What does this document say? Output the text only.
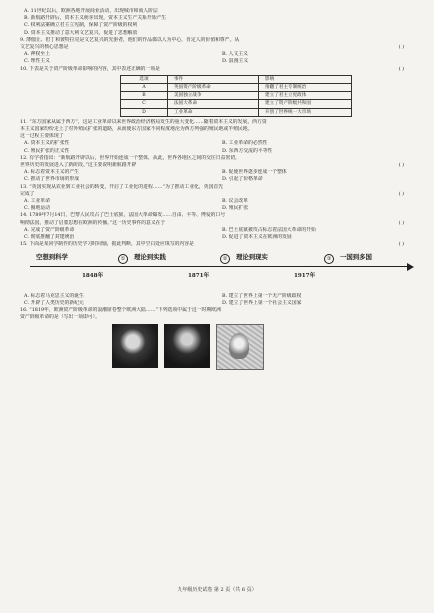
A. 11世纪以后，欧洲各地开展商业活动，出现城市和商人阶层
B. 新航路开辟后，资本主义萌芽出现，资本主义生产关系开始产生
C. 权利法案确立君主立宪制，保障了资产阶级的权利
D. 资本主义推动了意大利文艺复兴，促进了思想解放
9. 薄伽丘、但丁和彼特拉克是文艺复兴的先驱者，他们的作品都以人为中心，肯定人的价值和尊严。从
文艺复兴的核心思想是	( )
A. 神权至上	B. 人文主义
C. 理性主义	D. 浪漫主义
10. 下表是关于资产阶级革命影响的内容，其中表述正确的一项是	( )
选项	事件	影响
A	英国资产阶级革命	推翻了君主专制统治
B	美国独立战争	建立了君主立宪政体
C	法国大革命	建立了资产阶级共和国
D	工业革命	开创了世界统一大市场
11. “东方国家从属于西方”，这是工业革命以来世界政治经济格局发生的重大变化……随着资本主义的发展，西方资
本主义国家纷纷走上了对外殖民扩张的道路，从而使东方国家不同程度地沦为西方列强的殖民地或半殖民地。
这一过程主要体现了
A. 资本主义的扩张性	B. 工业革命的必然性
C. 殖民扩张的正义性	D. 东西方交流的平等性
12. 有学者指出：“新航路开辟以后，世界开始连成一个整体，从此，世界各地区之间的交往日益密切，
世界历史的发展进入了新阶段。”这主要说明新航路开辟	( )
A. 标志着资本主义的产生	B. 促使世界逐步连成一个整体
C. 推动了世界市场的形成	D. 引起了价格革命
13. “英国实现从农业到工业社会的转变，开启了工业化的进程……”为了推动工业化，英国首先
完成了	( )
A. 工业革命	B. 议会改革
C. 圈地运动	D. 殖民扩张
14. 1789年7月14日，巴黎人民攻占了巴士底狱，法国大革命爆发……自由、平等、博爱的口号
响彻法国，推动了启蒙思想在欧洲的传播。”这一历史事件的意义在于	( )
A. 完成了资产阶级革命	B. 巴士底狱被攻占标志着法国大革命的开始
C. 彻底推翻了封建统治	D. 促进了资本主义在欧洲的发展
15. 下面是某同学制作的历史学习时间轴，据此判断，其中空白处应填写的内容是	( )
空想到科学	①	理论到实践	②	理论到现实	③	一国到多国
1848年	1871年	1917年
A. 标志着马克思主义的诞生	B. 建立了世界上第一个无产阶级政权
C. 开辟了人类历史的新纪元	D. 建立了世界上第一个社会主义国家
16. “1819年，欧洲资产阶级革命的浪潮席卷整个欧洲大陆……”下列选项中属于这一时期欧洲
资产阶级革命的是（写出一项即可）。
九年级历史试卷 第 2 页（共 6 页）
